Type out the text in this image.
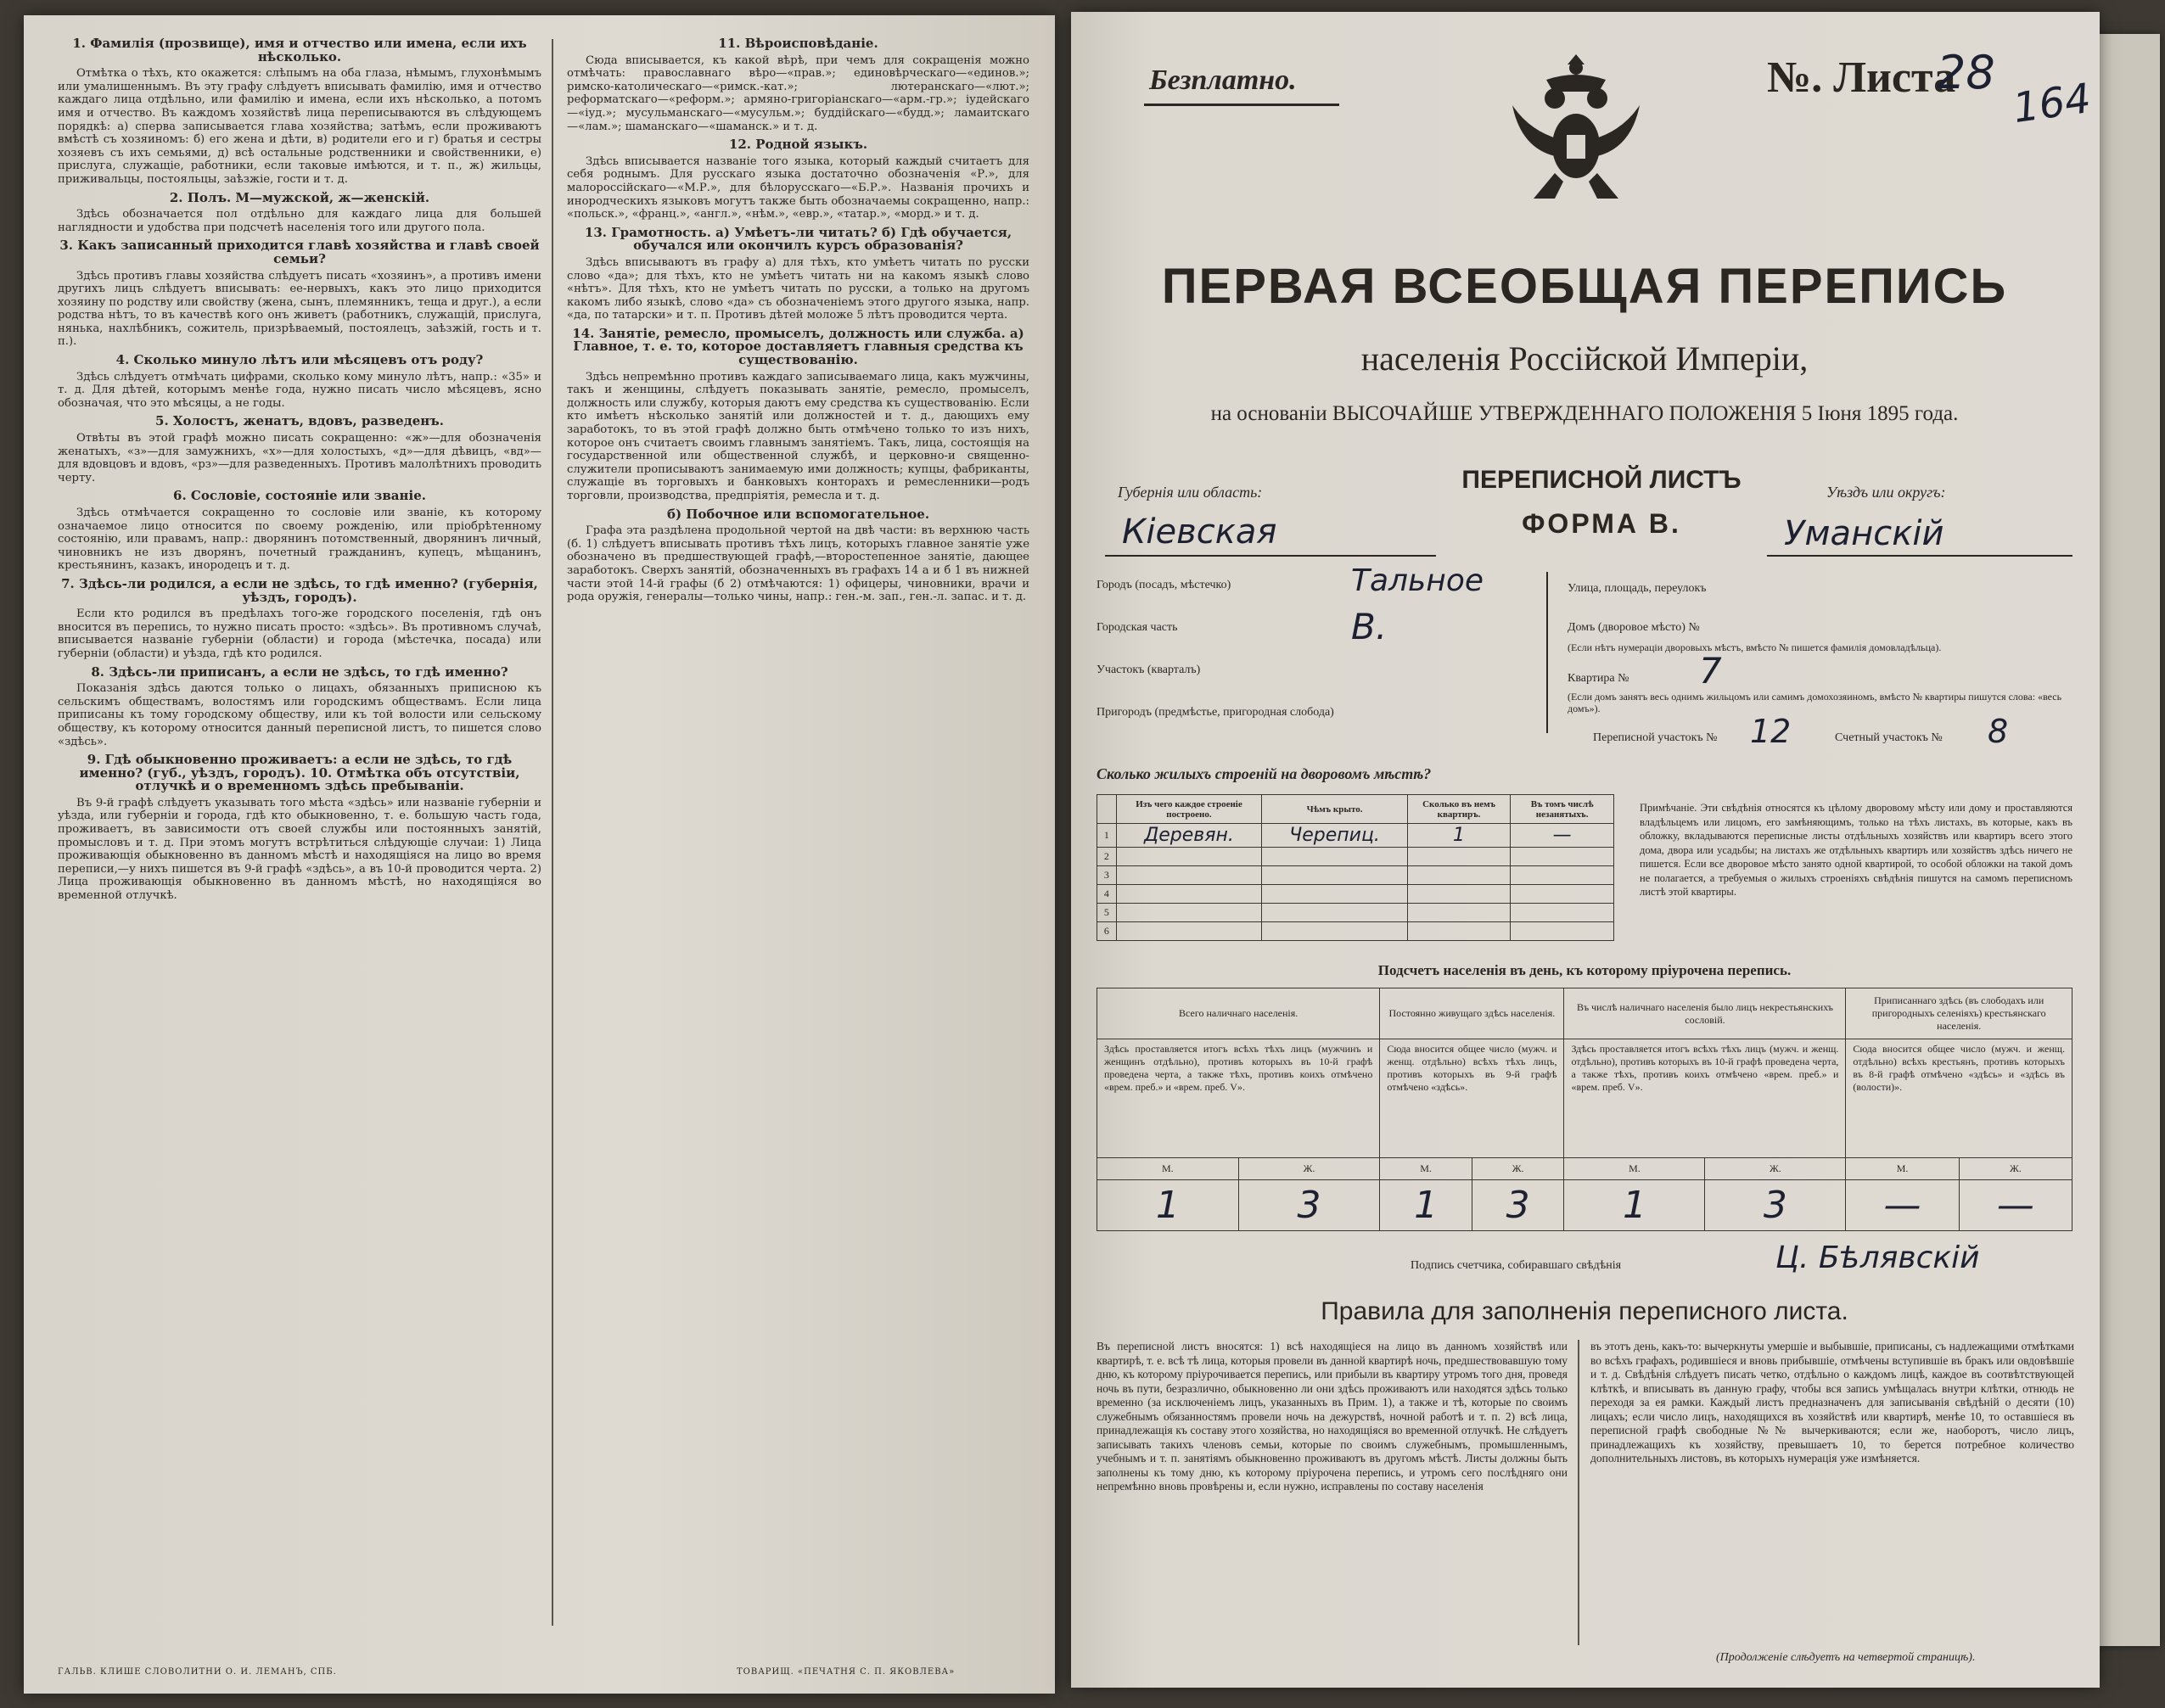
1. Фамилія (прозвище), имя и отчество или имена, если ихъ нѣсколько.

Отмѣтка о тѣхъ, кто окажется: слѣпымъ на оба глаза, нѣмымъ, глухонѣмымъ или умалишеннымъ. Въ эту графу слѣдуетъ вписывать фамилію, имя и отчество каждаго лица отдѣльно, или фамилію и имена, если ихъ нѣсколько, а потомъ имя и отчество. Въ каждомъ хозяйствѣ лица переписываются въ слѣдующемъ порядкѣ: а) сперва записывается глава хозяйства; затѣмъ, если проживаютъ вмѣстѣ съ хозяиномъ: б) его жена и дѣти, в) родители его и г) братья и сестры хозяевъ съ ихъ семьями, д) всѣ остальные родственники и свойственники, е) прислуга, служащіе, работники, если таковые имѣются, и т. п., ж) жильцы, приживальцы, постояльцы, заѣзжіе, гости и т. д.

2. Полъ. М—мужской, ж—женскій.

Здѣсь обозначается пол отдѣльно для каждаго лица для большей наглядности и удобства при подсчетѣ населенія того или другого пола.

3. Какъ записанный приходится главѣ хозяйства и главѣ своей семьи?

Здѣсь противъ главы хозяйства слѣдуетъ писать «хозяинъ», а противъ имени другихъ лицъ слѣдуетъ вписывать: ее-нервыхъ, какъ это лицо приходится хозяину по родству или свойству (жена, сынъ, племянникъ, теща и друг.), а если родства нѣтъ, то въ качествѣ кого онъ живетъ (работникъ, служащій, прислуга, нянька, нахлѣбникъ, сожитель, призрѣваемый, постоялецъ, заѣзжій, гость и т. п.).

4. Сколько минуло лѣтъ или мѣсяцевъ отъ роду?

Здѣсь слѣдуетъ отмѣчать цифрами, сколько кому минуло лѣтъ, напр.: «35» и т. д. Для дѣтей, которымъ менѣе года, нужно писать число мѣсяцевъ, ясно обозначая, что это мѣсяцы, а не годы.

5. Холостъ, женатъ, вдовъ, разведенъ.

Отвѣты въ этой графѣ можно писать сокращенно: «ж»—для обозначенія женатыхъ, «з»—для замужнихъ, «х»—для холостыхъ, «д»—для дѣвицъ, «вд»—для вдовцовъ и вдовъ, «рз»—для разведенныхъ. Противъ малолѣтнихъ проводить черту.

6. Сословіе, состояніе или званіе.

Здѣсь отмѣчается сокращенно то сословіе или званіе, къ которому означаемое лицо относится по своему рожденію, или пріобрѣтенному состоянію, или правамъ, напр.: дворянинъ потомственный, дворянинъ личный, чиновникъ не изъ дворянъ, почетный гражданинъ, купецъ, мѣщанинъ, крестьянинъ, казакъ, инородецъ и т. д.

7. Здѣсь-ли родился, а если не здѣсь, то гдѣ именно? (губернія, уѣздъ, городъ).

Если кто родился въ предѣлахъ того-же городского поселенія, гдѣ онъ вносится въ перепись, то нужно писать просто: «здѣсь». Въ противномъ случаѣ, вписывается названіе губерніи (области) и города (мѣстечка, посада) или губерніи (области) и уѣзда, гдѣ кто родился.

8. Здѣсь-ли приписанъ, а если не здѣсь, то гдѣ именно?

Показанія здѣсь даются только о лицахъ, обязанныхъ приписною къ сельскимъ обществамъ, волостямъ или городскимъ обществамъ. Если лица приписаны къ тому городскому обществу, или къ той волости или сельскому обществу, къ которому относится данный переписной листъ, то пишется слово «здѣсь».

9. Гдѣ обыкновенно проживаетъ: а если не здѣсь, то гдѣ именно? (губ., уѣздъ, городъ). 10. Отмѣтка объ отсутствіи, отлучкѣ и о временномъ здѣсь пребываніи.

Въ 9-й графѣ слѣдуетъ указывать того мѣста «здѣсь» или названіе губерніи и уѣзда, или губерніи и города, гдѣ кто обыкновенно, т. е. большую часть года, проживаетъ, въ зависимости отъ своей службы или постоянныхъ занятій, промысловъ и т. д. При этомъ могутъ встрѣтиться слѣдующіе случаи: 1) Лица проживающія обыкновенно въ данномъ мѣстѣ и находящіяся на лицо во время переписи,—у нихъ пишется въ 9-й графѣ «здѣсь», а въ 10-й проводится черта. 2) Лица проживающія обыкновенно въ данномъ мѣстѣ, но находящіяся во временной отлучкѣ.

11. Вѣроисповѣданіе.

Сюда вписывается, къ какой вѣрѣ, при чемъ для сокращенія можно отмѣчать: православнаго вѣро—«прав.»; единовѣрческаго—«единов.»; римско-католическаго—«римск.-кат.»; лютеранскаго—«лют.»; реформатскаго—«реформ.»; армяно-григоріанскаго—«арм.-гр.»; іудейскаго—«іуд.»; мусульманскаго—«мусульм.»; буддійскаго—«будд.»; ламаитскаго—«лам.»; шаманскаго—«шаманск.» и т. д.

12. Родной языкъ.

Здѣсь вписывается названіе того языка, который каждый считаетъ для себя роднымъ. Для русскаго языка достаточно обозначенія «Р.», для малороссійскаго—«М.Р.», для бѣлорусскаго—«Б.Р.». Названія прочихъ и инородческихъ языковъ могутъ также быть обозначаемы сокращенно, напр.: «польск.», «франц.», «англ.», «нѣм.», «евр.», «татар.», «морд.» и т. д.

13. Грамотность. а) Умѣетъ-ли читать? б) Гдѣ обучается, обучался или окончилъ курсъ образованія?

Здѣсь вписываютъ въ графу а) для тѣхъ, кто умѣетъ читать по русски слово «да»; для тѣхъ, кто не умѣетъ читать ни на какомъ языкѣ слово «нѣтъ». Для тѣхъ, кто не умѣетъ читать по русски, а только на другомъ какомъ либо языкѣ, слово «да» съ обозначеніемъ этого другого языка, напр. «да, по татарски» и т. п. Противъ дѣтей моложе 5 лѣтъ проводится черта.

14. Занятіе, ремесло, промыселъ, должность или служба. а) Главное, т. е. то, которое доставляетъ главныя средства къ существованію.

Здѣсь непремѣнно противъ каждаго записываемаго лица, какъ мужчины, такъ и женщины, слѣдуетъ показывать занятіе, ремесло, промыселъ, должность или службу, которыя даютъ ему средства къ существованію. Если кто имѣетъ нѣсколько занятій или должностей и т. д., дающихъ ему заработокъ, то въ этой графѣ должно быть отмѣчено только то изъ нихъ, которое онъ считаетъ своимъ главнымъ занятіемъ. Такъ, лица, состоящія на государственной или общественной службѣ, и церковно-и священно-служители прописываютъ занимаемую ими должность; купцы, фабриканты, служащіе въ торговыхъ и банковыхъ конторахъ и ремесленники—родъ торговли, производства, предпріятія, ремесла и т. д.

б) Побочное или вспомогательное.

Графа эта раздѣлена продольной чертой на двѣ части: въ верхнюю часть (б. 1) слѣдуетъ вписывать противъ тѣхъ лицъ, которыхъ главное занятіе уже обозначено въ предшествующей графѣ,—второстепенное занятіе, дающее заработокъ. Сверхъ занятій, обозначенныхъ въ графахъ 14 а и б 1 въ нижней части этой 14-й графы (б 2) отмѣчаются: 1) офицеры, чиновники, врачи и рода оружія, генералы—только чины, напр.: ген.-м. зап., ген.-л. запас. и т. д.

ГАЛЬВ. КЛИШЕ СЛОВОЛИТНИ О. И. ЛЕМАНЪ, СПБ.	ТОВАРИЩ. «ПЕЧАТНЯ С. П. ЯКОВЛЕВА»
Безплатно.	№. Листа
28
164
ПЕРВАЯ ВСЕОБЩАЯ ПЕРЕПИСЬ
населенія Россійской Имперіи,
на основаніи ВЫСОЧАЙШЕ УТВЕРЖДЕННАГО ПОЛОЖЕНІЯ 5 Іюня 1895 года.
ПЕРЕПИСНОЙ ЛИСТЪ
ФОРМА В.
Губернія или область:
Кіевская
Уѣздъ или округъ:
Уманскій
Городъ (посадъ, мѣстечко)	Тальное
Городская часть	В.
Участокъ (кварталъ)
Пригородъ (предмѣстье, пригородная слобода)
Улица, площадь, переулокъ
Домъ (дворовое мѣсто) №
(Если нѣтъ нумераціи дворовыхъ мѣстъ, вмѣсто № пишется фамилія домовладѣльца).
Квартира № 7
(Если домъ занятъ весь однимъ жильцомъ или самимъ домохозяиномъ, вмѣсто № квартиры пишутся слова: «весь домъ»).
Переписной участокъ № 12	Счетный участокъ № 8
Сколько жилыхъ строеній на дворовомъ мѣстѣ?
	Изъ чего каждое строеніе построено.	Чѣмъ крыто.	Сколько въ немъ квартиръ.	Въ томъ числѣ незанятыхъ.
1	Деревян.	Черепиц.	1	—
2				
3				
4				
5				
6				
Примѣчаніе. Эти свѣдѣнія относятся къ цѣлому дворовому мѣсту или дому и проставляются владѣльцемъ или лицомъ, его замѣняющимъ, только на тѣхъ листахъ, въ которые, какъ въ обложку, вкладываются переписные листы отдѣльныхъ хозяйствъ или квартиръ всего этого дома, двора или усадьбы; на листахъ же отдѣльныхъ квартиръ или хозяйствъ здѣсь ничего не пишется. Если все дворовое мѣсто занято одной квартирой, то особой обложки на такой домъ не полагается, а требуемыя о жилыхъ строеніяхъ свѣдѣнія пишутся на самомъ переписномъ листѣ этой квартиры.
Подсчетъ населенія въ день, къ которому пріурочена перепись.
Всего наличнаго населенія.		Постоянно живущаго здѣсь населенія.		Въ числѣ наличнаго населенія было лицъ некрестьянскихъ сословій.		Приписаннаго здѣсь (въ слободахъ или пригородныхъ селеніяхъ) крестьянскаго населенія.	
Здѣсь проставляется итогъ всѣхъ тѣхъ лицъ (мужчинъ и женщинъ отдѣльно), противъ которыхъ въ 10-й графѣ проведена черта, а также тѣхъ, противъ коихъ отмѣчено «врем. преб.» и «врем. преб. V».		Сюда вносится общее число (мужч. и женщ. отдѣльно) всѣхъ тѣхъ лицъ, противъ которыхъ въ 9-й графѣ отмѣчено «здѣсь».		Здѣсь проставляется итогъ всѣхъ тѣхъ лицъ (мужч. и женщ. отдѣльно), противъ которыхъ въ 10-й графѣ проведена черта, а также тѣхъ, противъ коихъ отмѣчено «врем. преб.» и «врем. преб. V».		Сюда вносится общее число (мужч. и женщ. отдѣльно) всѣхъ крестьянъ, противъ которыхъ въ 8-й графѣ отмѣчено «здѣсь» и «здѣсь въ (волости)».	
М.	Ж.	М.	Ж.	М.	Ж.	М.	Ж.
1	3	1	3	1	3	—	—
Подпись счетчика, собиравшаго свѣдѣнія	Ц. Бѣлявскій
Правила для заполненія переписного листа.
Въ переписной листъ вносятся: 1) всѣ находящіеся на лицо въ данномъ хозяйствѣ или квартирѣ, т. е. всѣ тѣ лица, которыя провели въ данной квартирѣ ночь, предшествовавшую тому дню, къ которому пріурочивается перепись, или прибыли въ квартиру утромъ того дня, проведя ночь въ пути, безразлично, обыкновенно ли они здѣсь проживаютъ или находятся здѣсь только временно (за исключеніемъ лицъ, указанныхъ въ Прим. 1), а также и тѣ, которые по своимъ служебнымъ обязанностямъ провели ночь на дежурствѣ, ночной работѣ и т. п. 2) всѣ лица, принадлежащія къ составу этого хозяйства, но находящіяся во временной отлучкѣ. Не слѣдуетъ записывать такихъ членовъ семьи, которые по своимъ служебнымъ, промышленнымъ, учебнымъ и т. п. занятіямъ обыкновенно проживаютъ въ другомъ мѣстѣ. Листы должны быть заполнены къ тому дню, къ которому пріурочена перепись, и утромъ сего послѣдняго они непремѣнно вновь провѣрены и, если нужно, исправлены по составу населенія
въ этотъ день, какъ-то: вычеркнуты умершіе и выбывшіе, приписаны, съ надлежащими отмѣтками во всѣхъ графахъ, родившіеся и вновь прибывшіе, отмѣчены вступившіе въ бракъ или овдовѣвшіе и т. д. Свѣдѣнія слѣдуетъ писать четко, отдѣльно о каждомъ лицѣ, каждое въ соотвѣтствующей клѣткѣ, и вписывать въ данную графу, чтобы вся запись умѣщалась внутри клѣтки, отнюдь не переходя за ея рамки. Каждый листъ предназначенъ для записыванія свѣдѣній о десяти (10) лицахъ; если число лицъ, находящихся въ хозяйствѣ или квартирѣ, менѣе 10, то оставшіеся въ переписной графѣ свободные №№ вычеркиваются; если же, наоборотъ, число лицъ, принадлежащихъ къ хозяйству, превышаетъ 10, то берется потребное количество дополнительныхъ листовъ, въ которыхъ нумерація уже измѣняется.
(Продолженіе слѣдуетъ на четвертой страницѣ).
